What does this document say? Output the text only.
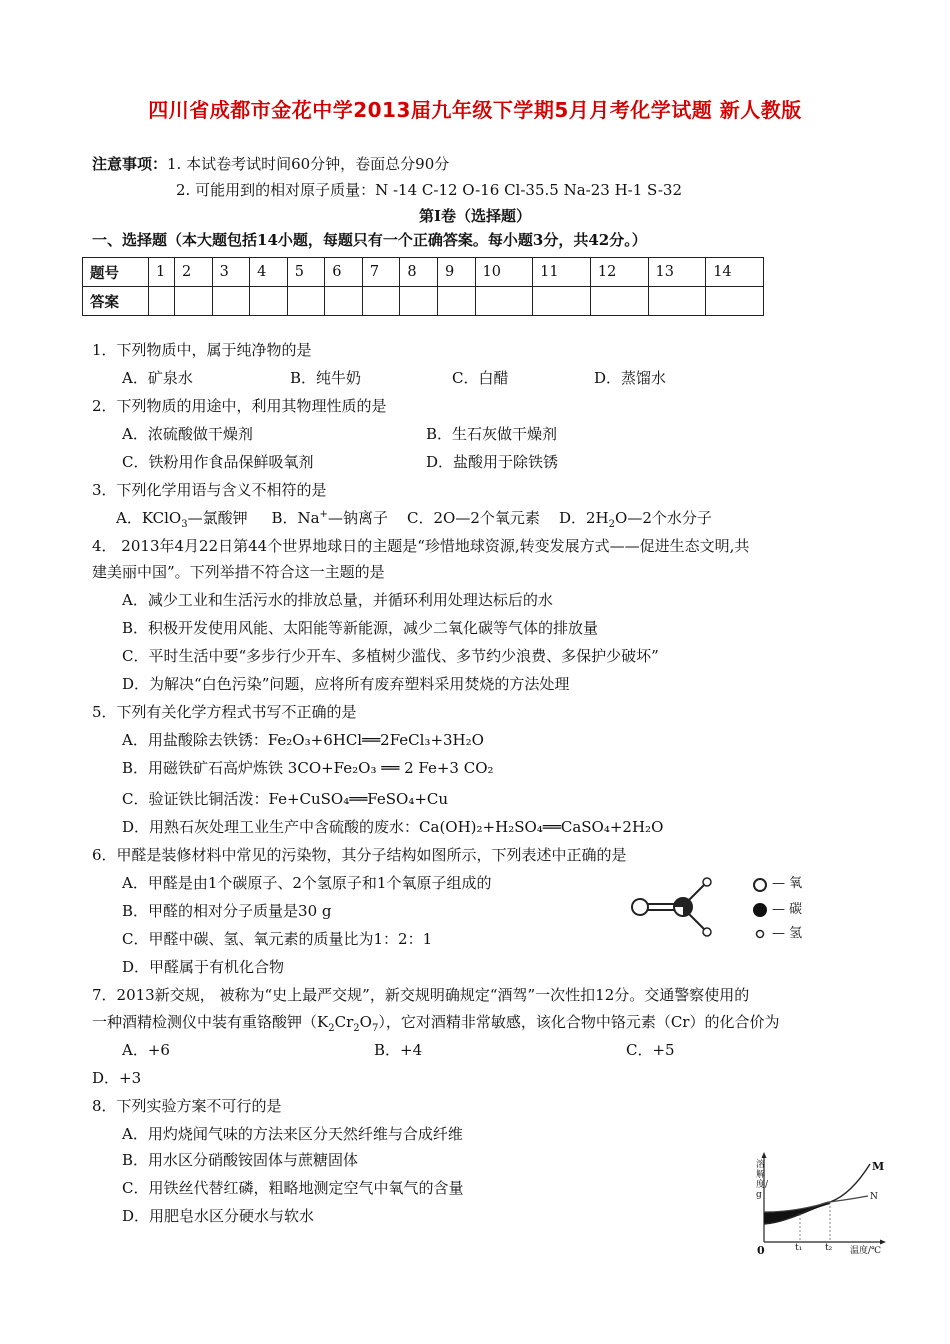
四川省成都市金花中学2013届九年级下学期5月月考化学试题 新人教版
注意事项：1. 本试卷考试时间60分钟，卷面总分90分
2. 可能用到的相对原子质量：N -14 C-12 O-16 Cl-35.5 Na-23 H-1 S-32
第Ⅰ卷（选择题）
一、选择题（本大题包括14小题，每题只有一个正确答案。每小题3分，共42分。）
题号	1	2	3	4	5	6	7	8	9	10	11	12	13	14
答案														
1．下列物质中，属于纯净物的是
A．矿泉水	B．纯牛奶	C．白醋	D．蒸馏水
2．下列物质的用途中，利用其物理性质的是
A．浓硫酸做干燥剂	B．生石灰做干燥剂
C．铁粉用作食品保鲜吸氧剂	D．盐酸用于除铁锈
3．下列化学用语与含义不相符的是
A．KClO$_3$—氯酸钾 B．Na+—钠离子 C．2O—2个氧元素 D．$2H_2O—2$个水分子
4． 2013年4月22日第44个世界地球日的主题是“珍惜地球资源,转变发展方式——促进生态文明,共
建美丽中国”。下列举措不符合这一主题的是
A．减少工业和生活污水的排放总量，并循环利用处理达标后的水
B．积极开发使用风能、太阳能等新能源，减少二氧化碳等气体的排放量
C．平时生活中要“多步行少开车、多植树少滥伐、多节约少浪费、多保护少破坏”
D．为解决“白色污染”问题，应将所有废弃塑料采用焚烧的方法处理
5．下列有关化学方程式书写不正确的是
A．用盐酸除去铁锈：Fe₂O₃+6HCl══2FeCl₃+3H₂O
B．用磁铁矿石高炉炼铁 3CO+Fe₂O₃ ══ 2 Fe+3 CO₂
C．验证铁比铜活泼：Fe+CuSO₄══FeSO₄+Cu
D．用熟石灰处理工业生产中含硫酸的废水：Ca(OH)₂+H₂SO₄══CaSO₄+2H₂O
6．甲醛是装修材料中常见的污染物，其分子结构如图所示，下列表述中正确的是
A．甲醛是由1个碳原子、2个氢原子和1个氧原子组成的
B．甲醛的相对分子质量是30 g
C．甲醛中碳、氢、氧元素的质量比为1：2：1
D．甲醛属于有机化合物
— 氧
— 碳
— 氢
7．2013新交规， 被称为“史上最严交规”，新交规明确规定“酒驾”一次性扣12分。交通警察使用的
一种酒精检测仪中装有重铬酸钾$(K_2Cr_2O_7)$，它对酒精非常敏感，该化合物中铬元素（Cr）的化合价为
A．+6	B．+4	C．+5
D．+3
8．下列实验方案不可行的是
A．用灼烧闻气味的方法来区分天然纤维与合成纤维
B．用水区分硝酸铵固体与蔗糖固体
C．用铁丝代替红磷，粗略地测定空气中氧气的含量
D．用肥皂水区分硬水与软水
溶解度/g
M
N
0	t₁	t₂ 温度/℃
